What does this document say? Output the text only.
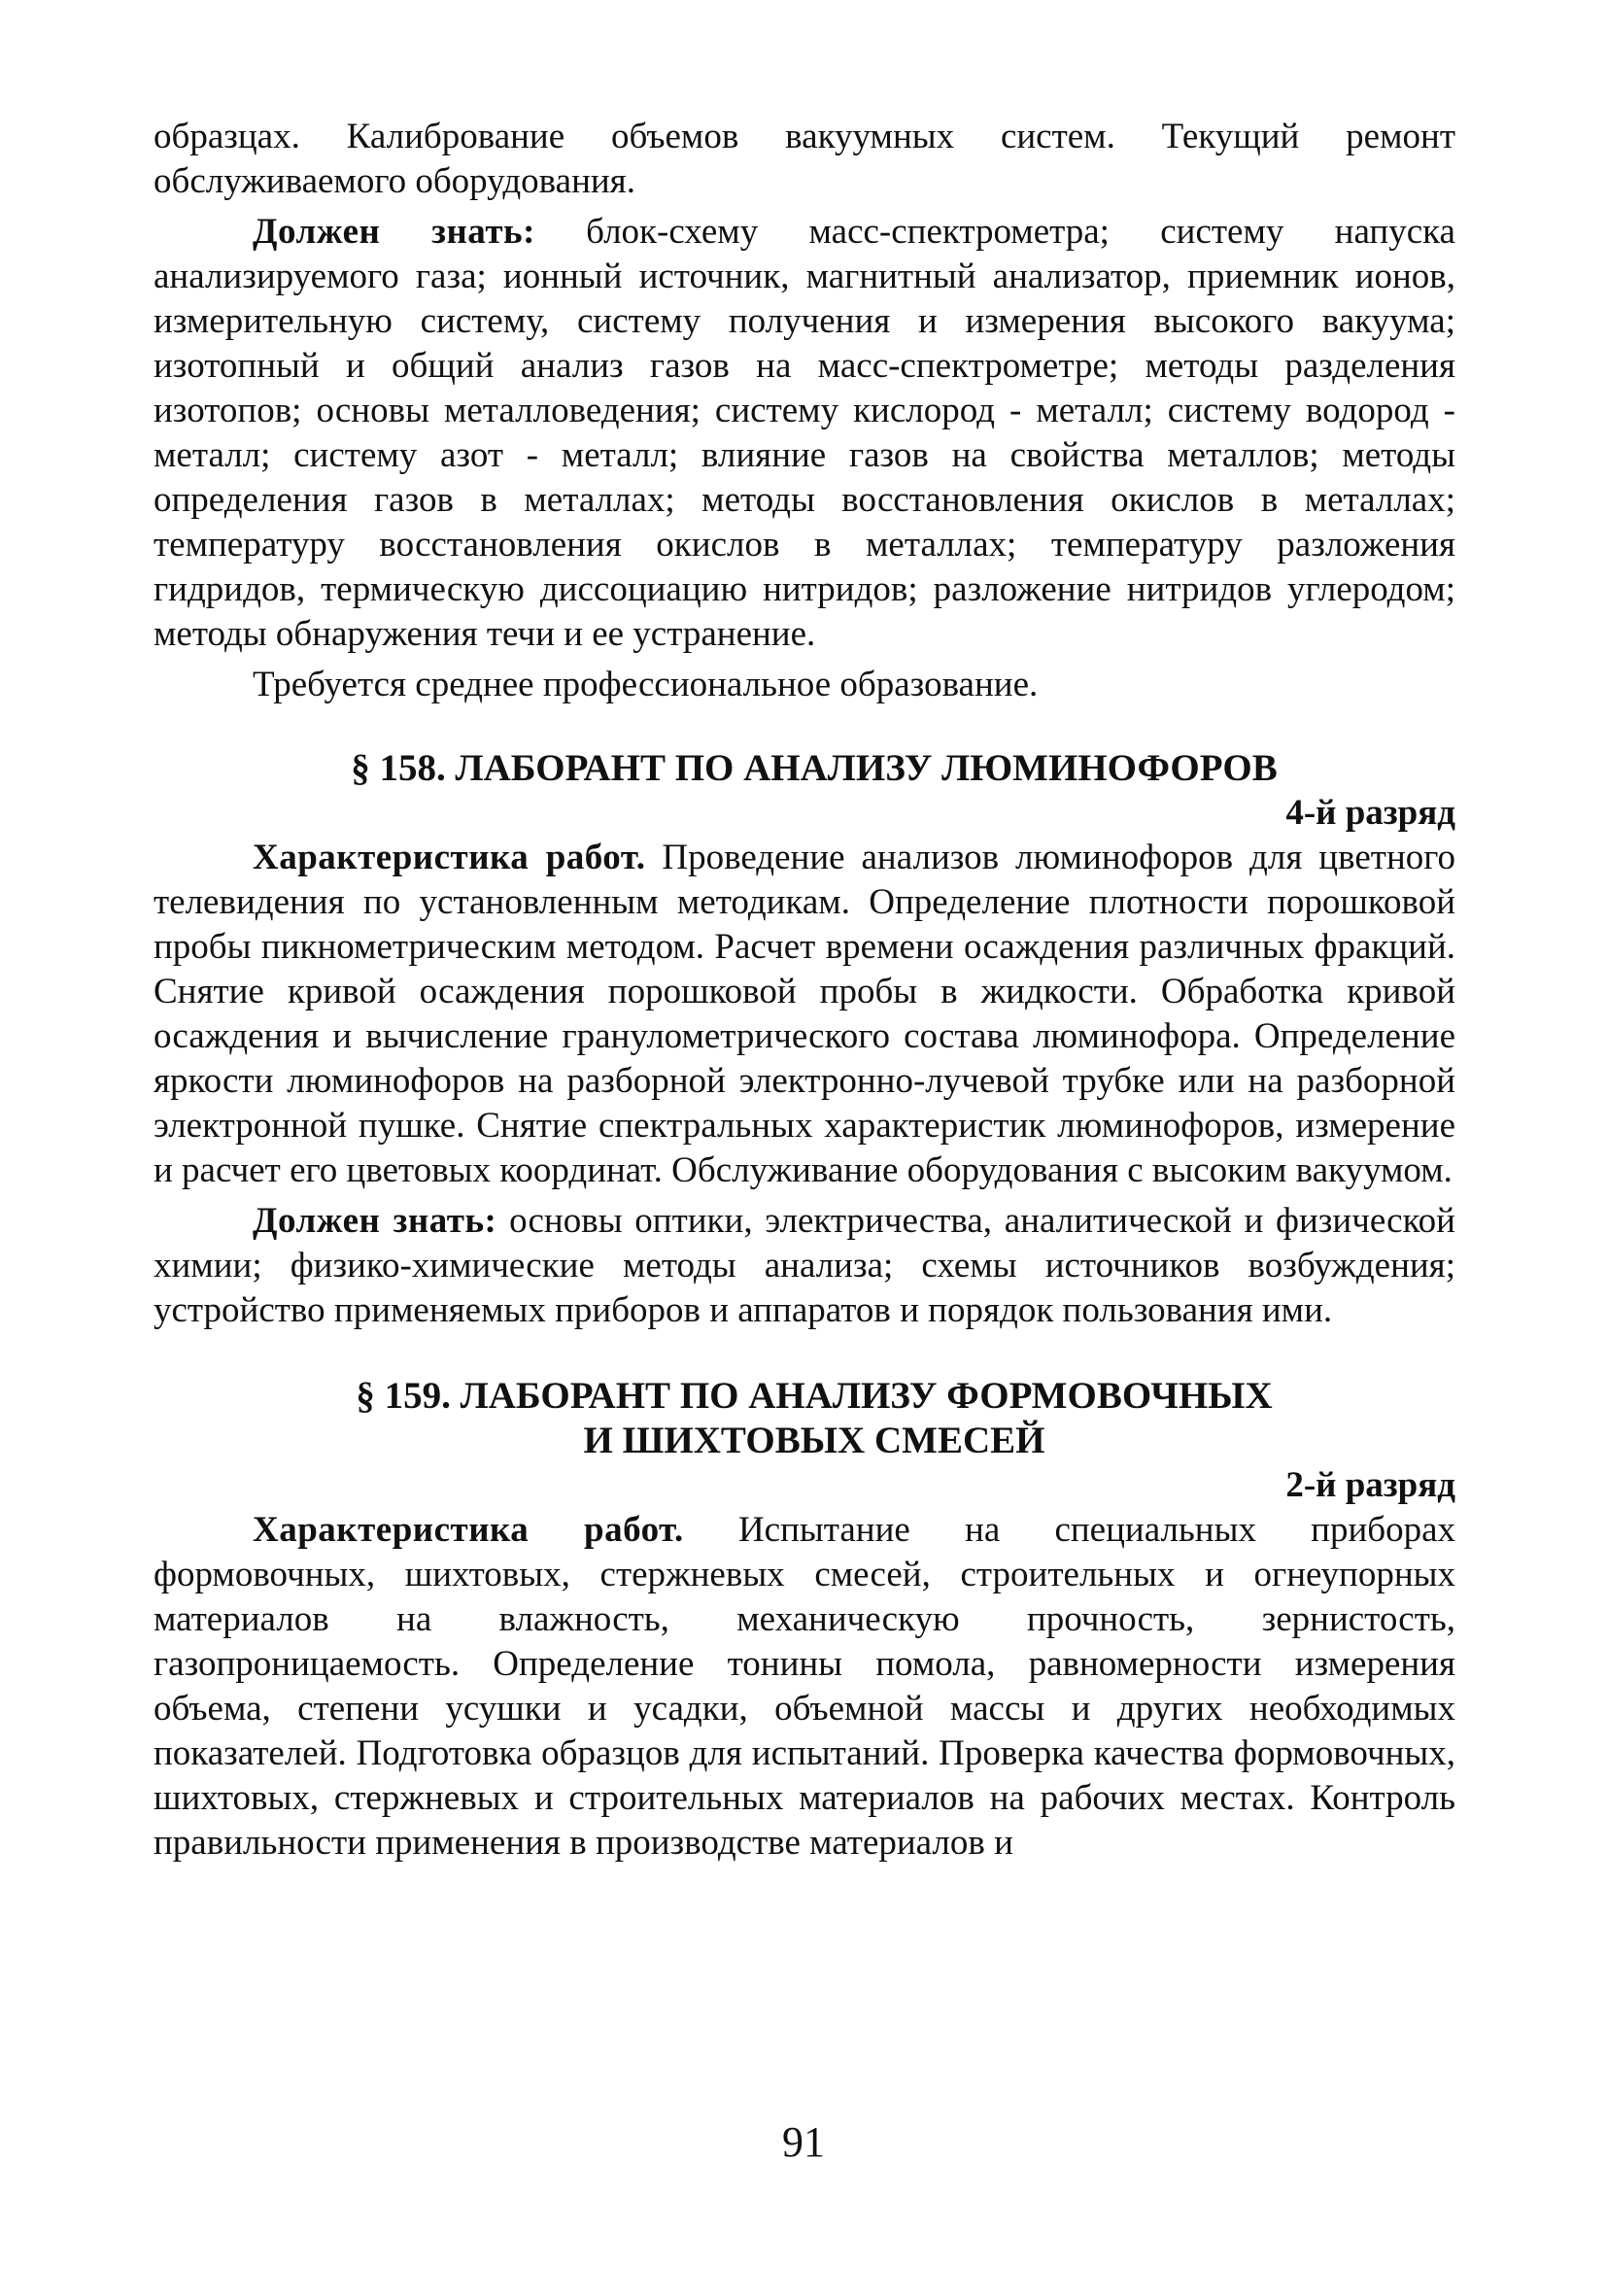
образцах. Калибрование объемов вакуумных систем. Текущий ремонт обслуживаемого оборудования.

Должен знать: блок-схему масс-спектрометра; систему напуска анализируемого газа; ионный источник, магнитный анализатор, приемник ионов, измерительную систему, систему получения и измерения высокого вакуума; изотопный и общий анализ газов на масс-спектрометре; методы разделения изотопов; основы металловедения; систему кислород - металл; систему водород - металл; систему азот - металл; влияние газов на свойства металлов; методы определения газов в металлах; методы восстановления окислов в металлах; температуру восстановления окислов в металлах; температуру разложения гидридов, термическую диссоциацию нитридов; разложение нитридов углеродом; методы обнаружения течи и ее устранение.

Требуется среднее профессиональное образование.

§ 158. ЛАБОРАНТ ПО АНАЛИЗУ ЛЮМИНОФОРОВ

4-й разряд

Характеристика работ. Проведение анализов люминофоров для цветного телевидения по установленным методикам. Определение плотности порошковой пробы пикнометрическим методом. Расчет времени осаждения различных фракций. Снятие кривой осаждения порошковой пробы в жидкости. Обработка кривой осаждения и вычисление гранулометрического состава люминофора. Определение яркости люминофоров на разборной электронно-лучевой трубке или на разборной электронной пушке. Снятие спектральных характеристик люминофоров, измерение и расчет его цветовых координат. Обслуживание оборудования с высоким вакуумом.

Должен знать: основы оптики, электричества, аналитической и физической химии; физико-химические методы анализа; схемы источников возбуждения; устройство применяемых приборов и аппаратов и порядок пользования ими.

§ 159. ЛАБОРАНТ ПО АНАЛИЗУ ФОРМОВОЧНЫХ
И ШИХТОВЫХ СМЕСЕЙ

2-й разряд

Характеристика работ. Испытание на специальных приборах формовочных, шихтовых, стержневых смесей, строительных и огнеупорных материалов на влажность, механическую прочность, зернистость, газопроницаемость. Определение тонины помола, равномерности измерения объема, степени усушки и усадки, объемной массы и других необходимых показателей. Подготовка образцов для испытаний. Проверка качества формовочных, шихтовых, стержневых и строительных материалов на рабочих местах. Контроль правильности применения в производстве материалов и

91
